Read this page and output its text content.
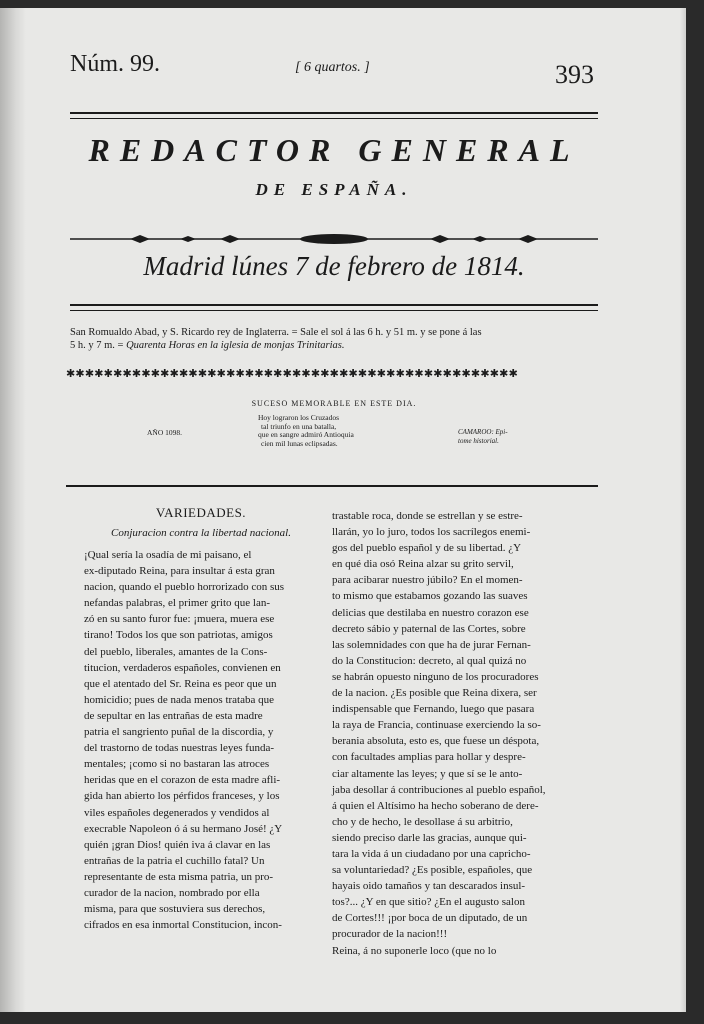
Núm. 99.	[ 6 quartos. ]	393
REDACTOR GENERAL
DE ESPAÑA.
Madrid lúnes 7 de febrero de 1814.
San Romualdo Abad, y S. Ricardo rey de Inglaterra. = Sale el sol á las 6 h. y 51 m. y se pone á las
5 h. y 7 m. = Quarenta Horas en la iglesia de monjas Trinitarias.
✱✱✱✱✱✱✱✱✱✱✱✱✱✱✱✱✱✱✱✱✱✱✱✱✱✱✱✱✱✱✱✱✱✱✱✱✱✱✱✱✱✱✱✱✱✱✱✱
SUCESO MEMORABLE EN ESTE DIA.
AÑO 1098.
Hoy lograron los Cruzados
tal triunfo en una batalla,
que en sangre admiró Antioquia
cien mil lunas eclipsadas.
CAMAROO: Epi-
tome historial.
VARIEDADES.
Conjuracion contra la libertad nacional.
¡Qual sería la osadía de mi paisano, el
ex-diputado Reina, para insultar á esta gran
nacion, quando el pueblo horrorizado con sus
nefandas palabras, el primer grito que lan-
zó en su santo furor fue: ¡muera, muera ese
tirano! Todos los que son patriotas, amigos
del pueblo, liberales, amantes de la Cons-
titucion, verdaderos españoles, convienen en
que el atentado del Sr. Reina es peor que un
homicidio; pues de nada menos trataba que
de sepultar en las entrañas de esta madre
patria el sangriento puñal de la discordia, y
del trastorno de todas nuestras leyes funda-
mentales; ¡como si no bastaran las atroces
heridas que en el corazon de esta madre afli-
gida han abierto los pérfidos franceses, y los
viles españoles degenerados y vendidos al
execrable Napoleon ó á su hermano José! ¿Y
quién ¡gran Dios! quién iva á clavar en las
entrañas de la patria el cuchillo fatal? Un
representante de esta misma patria, un pro-
curador de la nacion, nombrado por ella
misma, para que sostuviera sus derechos,
cifrados en esa inmortal Constitucion, incon-
trastable roca, donde se estrellan y se estre-
llarán, yo lo juro, todos los sacrílegos enemi-
gos del pueblo español y de su libertad. ¿Y
en qué dia osó Reina alzar su grito servil,
para acibarar nuestro júbilo? En el momen-
to mismo que estabamos gozando las suaves
delicias que destilaba en nuestro corazon ese
decreto sábio y paternal de las Cortes, sobre
las solemnidades con que ha de jurar Fernan-
do la Constitucion: decreto, al qual quizá no
se habrán opuesto ninguno de los procuradores
de la nacion. ¿Es posible que Reina dixera, ser
indispensable que Fernando, luego que pasara
la raya de Francia, continuase exerciendo la so-
berania absoluta, esto es, que fuese un déspota,
con facultades amplias para hollar y despre-
ciar altamente las leyes; y que sí se le anto-
jaba desollar á contribuciones al pueblo español,
á quien el Altísimo ha hecho soberano de dere-
cho y de hecho, le desollase á su arbitrio,
siendo preciso darle las gracias, aunque qui-
tara la vida á un ciudadano por una capricho-
sa voluntariedad? ¿Es posible, españoles, que
hayais oido tamaños y tan descarados insul-
tos?... ¿Y en que sitio? ¿En el augusto salon
de Cortes!!! ¡por boca de un diputado, de un
procurador de la nacion!!!
Reina, á no suponerle loco (que no lo
